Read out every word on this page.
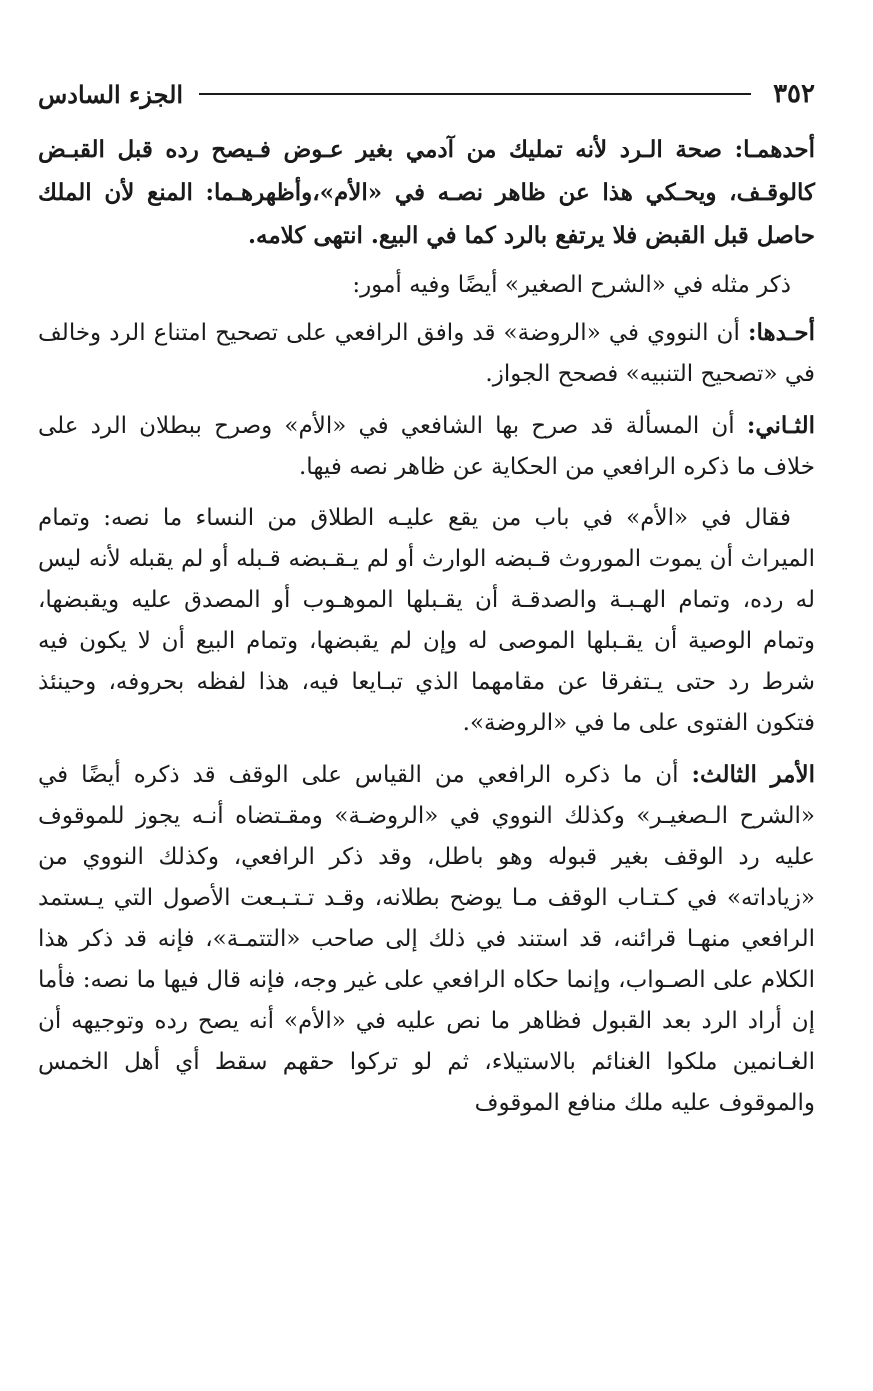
٣٥٢
الجزء السادس

أحدهمـا: صحة الـرد لأنه تمليك من آدمي بغير عـوض فـيصح رده قبل القبـض كالوقـف، ويحـكي هذا عن ظاهر نصـه في «الأم»،وأظهرهـما: المنع لأن الملك حاصل قبل القبض فلا يرتفع بالرد كما في البيع. انتهى كلامه.

ذكر مثله في «الشرح الصغير» أيضًا وفيه أمور:

أحـدها: أن النووي في «الروضة» قد وافق الرافعي على تصحيح امتناع الرد وخالف في «تصحيح التنبيه» فصحح الجواز.

الثـاني: أن المسألة قد صرح بها الشافعي في «الأم» وصرح ببطلان الرد على خلاف ما ذكره الرافعي من الحكاية عن ظاهر نصه فيها.

فقال في «الأم» في باب من يقع عليـه الطلاق من النساء ما نصه: وتمام الميراث أن يموت الموروث قـبضه الوارث أو لم يـقـبضه قـبله أو لم يقبله لأنه ليس له رده، وتمام الهـبـة والصدقـة أن يقـبلها الموهـوب أو المصدق عليه ويقبضها، وتمام الوصية أن يقـبلها الموصى له وإن لم يقبضها، وتمام البيع أن لا يكون فيه شرط رد حتى يـتفرقا عن مقامهما الذي تبـايعا فيه، هذا لفظه بحروفه، وحينئذ فتكون الفتوى على ما في «الروضة».

الأمر الثالث: أن ما ذكره الرافعي من القياس على الوقف قد ذكره أيضًا في «الشرح الـصغيـر» وكذلك النووي في «الروضـة» ومقـتضاه أنـه يجوز للموقوف عليه رد الوقف بغير قبوله وهو باطل، وقد ذكر الرافعي، وكذلك النووي من «زياداته» في كـتـاب الوقف مـا يوضح بطلانه، وقـد تـتـبـعت الأصول التي يـستمد الرافعي منهـا قرائنه، قد استند في ذلك إلى صاحب «التتمـة»، فإنه قد ذكر هذا الكلام على الصـواب، وإنما حكاه الرافعي على غير وجه، فإنه قال فيها ما نصه: فأما إن أراد الرد بعد القبول فظاهر ما نص عليه في «الأم» أنه يصح رده وتوجيهه أن الغـانمين ملكوا الغنائم بالاستيلاء، ثم لو تركوا حقهم سقط أي أهل الخمس والموقوف عليه ملك منافع الموقوف
